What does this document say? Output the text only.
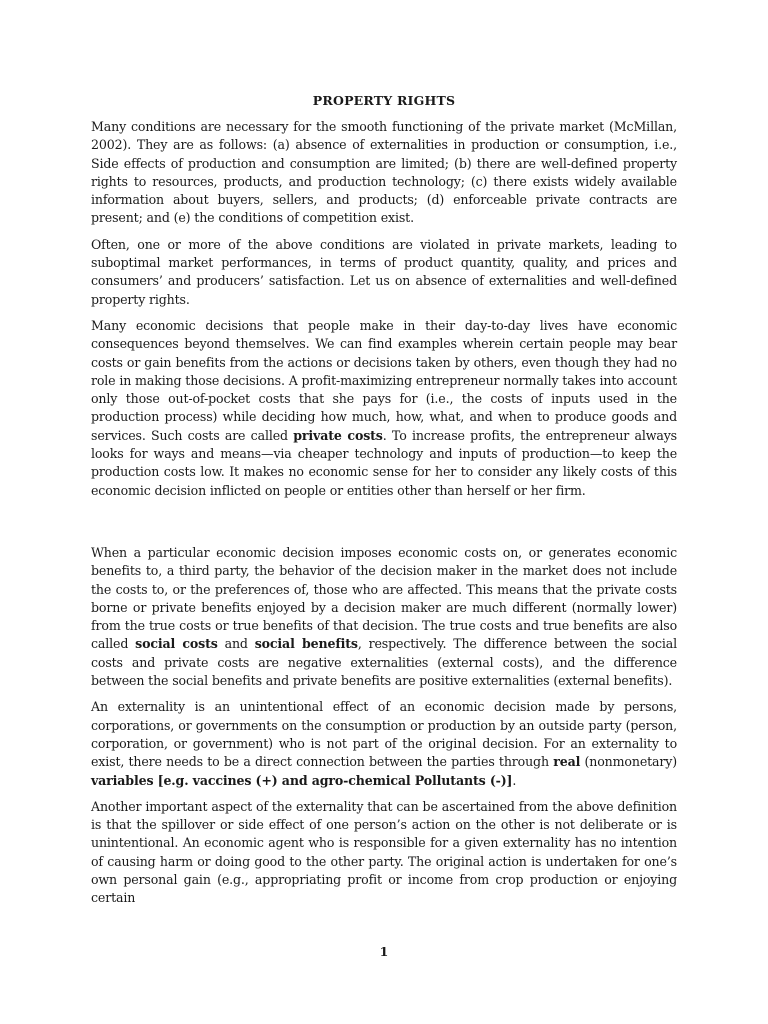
PROPERTY RIGHTS

Many conditions are necessary for the smooth functioning of the private market (McMillan, 2002). They are as follows: (a) absence of externalities in production or consumption, i.e., Side effects of production and consumption are limited; (b) there are well-defined property rights to resources, products, and production technology; (c) there exists widely available information about buyers, sellers, and products; (d) enforceable private contracts are present; and (e) the conditions of competition exist.

Often, one or more of the above conditions are violated in private markets, leading to suboptimal market performances, in terms of product quantity, quality, and prices and consumers’ and producers’ satisfaction. Let us on absence of externalities and well-defined property rights.

Many economic decisions that people make in their day-to-day lives have economic consequences beyond themselves. We can find examples wherein certain people may bear costs or gain benefits from the actions or decisions taken by others, even though they had no role in making those decisions. A profit-maximizing entrepreneur normally takes into account only those out-of-pocket costs that she pays for (i.e., the costs of inputs used in the production process) while deciding how much, how, what, and when to produce goods and services. Such costs are called private costs. To increase profits, the entrepreneur always looks for ways and means—via cheaper technology and inputs of production—to keep the production costs low. It makes no economic sense for her to consider any likely costs of this economic decision inflicted on people or entities other than herself or her firm.

When a particular economic decision imposes economic costs on, or generates economic benefits to, a third party, the behavior of the decision maker in the market does not include the costs to, or the preferences of, those who are affected. This means that the private costs borne or private benefits enjoyed by a decision maker are much different (normally lower) from the true costs or true benefits of that decision. The true costs and true benefits are also called social costs and social benefits, respectively. The difference between the social costs and private costs are negative externalities (external costs), and the difference between the social benefits and private benefits are positive externalities (external benefits).

An externality is an unintentional effect of an economic decision made by persons, corporations, or governments on the consumption or production by an outside party (person, corporation, or government) who is not part of the original decision. For an externality to exist, there needs to be a direct connection between the parties through real (nonmonetary) variables [e.g. vaccines (+) and agro-chemical Pollutants (-)].

Another important aspect of the externality that can be ascertained from the above definition is that the spillover or side effect of one person’s action on the other is not deliberate or is unintentional. An economic agent who is responsible for a given externality has no intention of causing harm or doing good to the other party. The original action is undertaken for one’s own personal gain (e.g., appropriating profit or income from crop production or enjoying certain

1
